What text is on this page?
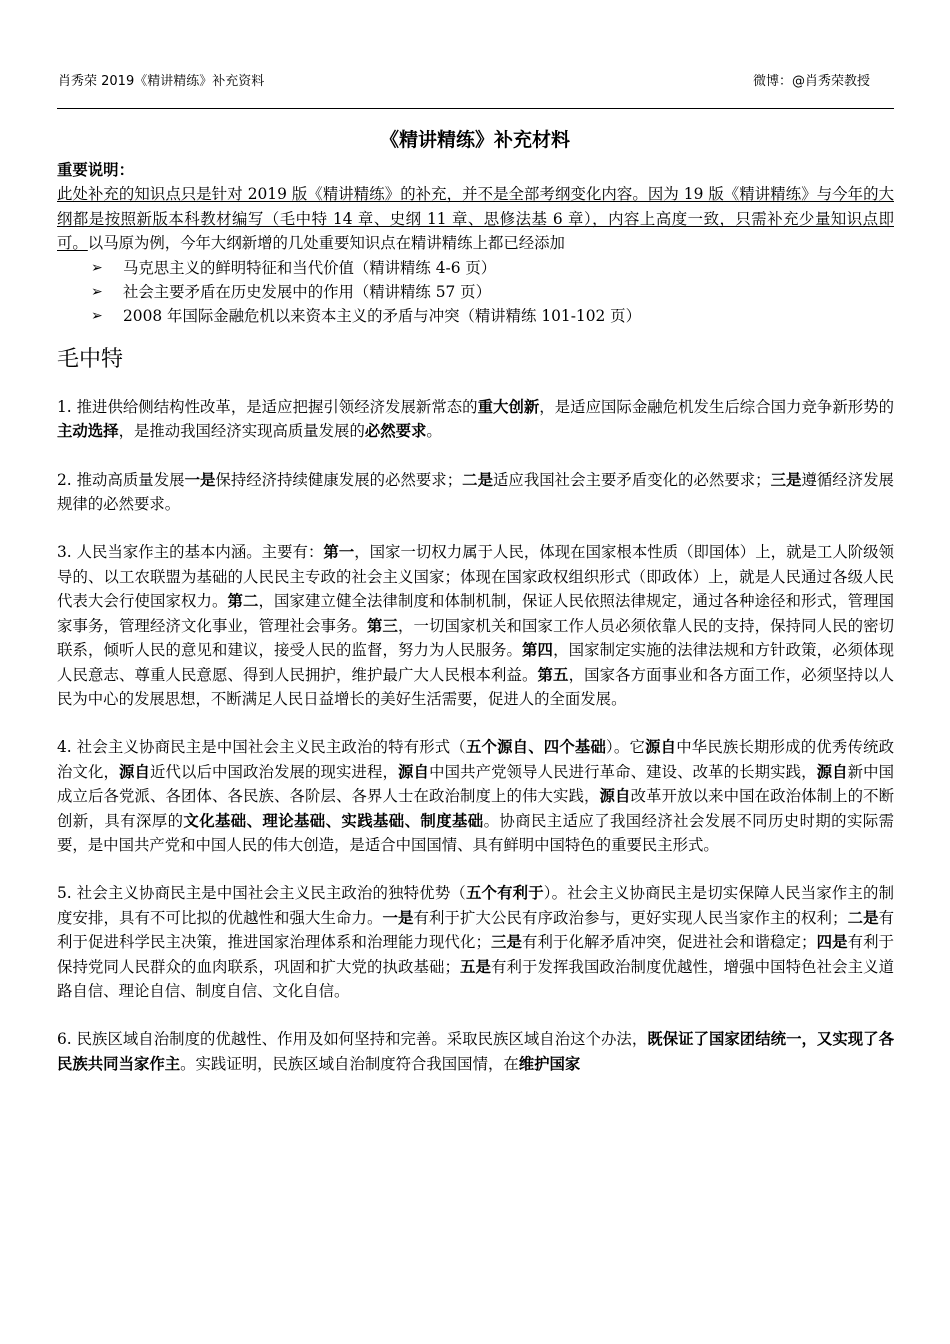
肖秀荣 2019《精讲精练》补充资料	微博：@肖秀荣教授
《精讲精练》补充材料

重要说明：

此处补充的知识点只是针对 2019 版《精讲精练》的补充，并不是全部考纲变化内容。因为 19 版《精讲精练》与今年的大纲都是按照新版本科教材编写（毛中特 14 章、史纲 11 章、思修法基 6 章），内容上高度一致，只需补充少量知识点即可。以马原为例，今年大纲新增的几处重要知识点在精讲精练上都已经添加

➢ 马克思主义的鲜明特征和当代价值（精讲精练 4-6 页）
➢ 社会主要矛盾在历史发展中的作用（精讲精练 57 页）
➢ 2008 年国际金融危机以来资本主义的矛盾与冲突（精讲精练 101-102 页）
毛中特

1. 推进供给侧结构性改革，是适应把握引领经济发展新常态的重大创新，是适应国际金融危机发生后综合国力竞争新形势的主动选择，是推动我国经济实现高质量发展的必然要求。

2. 推动高质量发展一是保持经济持续健康发展的必然要求；二是适应我国社会主要矛盾变化的必然要求；三是遵循经济发展规律的必然要求。

3. 人民当家作主的基本内涵。主要有：第一，国家一切权力属于人民，体现在国家根本性质（即国体）上，就是工人阶级领导的、以工农联盟为基础的人民民主专政的社会主义国家；体现在国家政权组织形式（即政体）上，就是人民通过各级人民代表大会行使国家权力。第二，国家建立健全法律制度和体制机制，保证人民依照法律规定，通过各种途径和形式，管理国家事务，管理经济文化事业，管理社会事务。第三，一切国家机关和国家工作人员必须依靠人民的支持，保持同人民的密切联系，倾听人民的意见和建议，接受人民的监督，努力为人民服务。第四，国家制定实施的法律法规和方针政策，必须体现人民意志、尊重人民意愿、得到人民拥护，维护最广大人民根本利益。第五，国家各方面事业和各方面工作，必须坚持以人民为中心的发展思想，不断满足人民日益增长的美好生活需要，促进人的全面发展。

4. 社会主义协商民主是中国社会主义民主政治的特有形式（五个源自、四个基础）。它源自中华民族长期形成的优秀传统政治文化，源自近代以后中国政治发展的现实进程，源自中国共产党领导人民进行革命、建设、改革的长期实践，源自新中国成立后各党派、各团体、各民族、各阶层、各界人士在政治制度上的伟大实践，源自改革开放以来中国在政治体制上的不断创新，具有深厚的文化基础、理论基础、实践基础、制度基础。协商民主适应了我国经济社会发展不同历史时期的实际需要，是中国共产党和中国人民的伟大创造，是适合中国国情、具有鲜明中国特色的重要民主形式。

5. 社会主义协商民主是中国社会主义民主政治的独特优势（五个有利于）。社会主义协商民主是切实保障人民当家作主的制度安排，具有不可比拟的优越性和强大生命力。一是有利于扩大公民有序政治参与，更好实现人民当家作主的权利；二是有利于促进科学民主决策，推进国家治理体系和治理能力现代化；三是有利于化解矛盾冲突，促进社会和谐稳定；四是有利于保持党同人民群众的血肉联系，巩固和扩大党的执政基础；五是有利于发挥我国政治制度优越性，增强中国特色社会主义道路自信、理论自信、制度自信、文化自信。

6. 民族区域自治制度的优越性、作用及如何坚持和完善。采取民族区域自治这个办法，既保证了国家团结统一，又实现了各民族共同当家作主。实践证明，民族区域自治制度符合我国国情，在维护国家
